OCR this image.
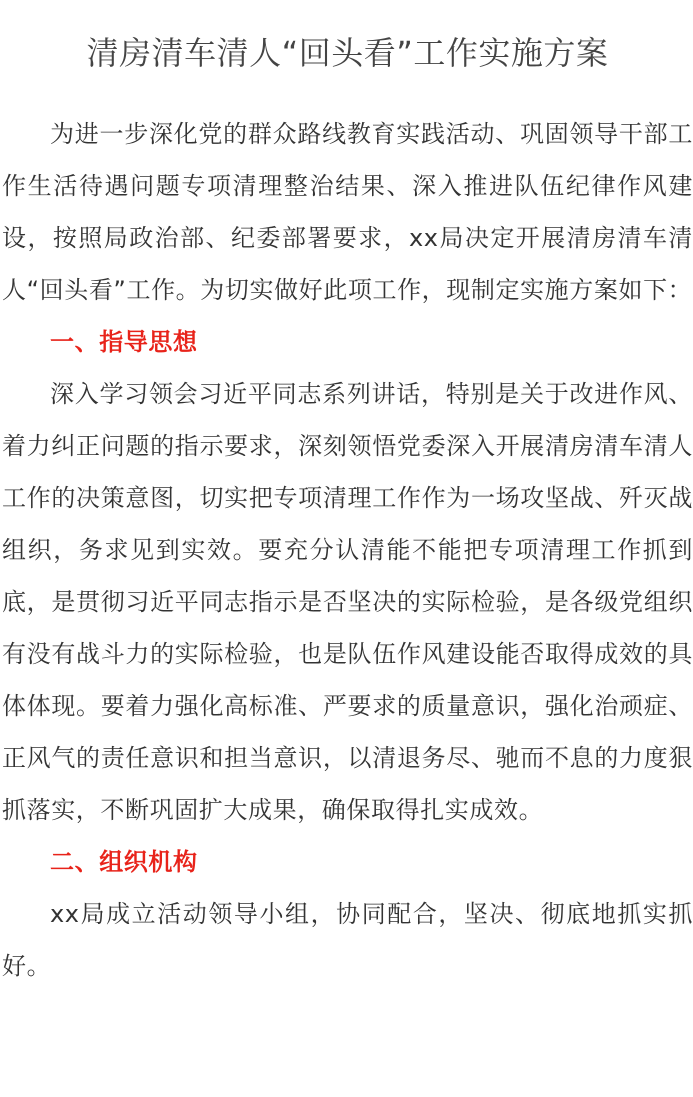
清房清车清人“回头看”工作实施方案

为进一步深化党的群众路线教育实践活动、巩固领导干部工作生活待遇问题专项清理整治结果、深入推进队伍纪律作风建设，按照局政治部、纪委部署要求，xx局决定开展清房清车清人“回头看”工作。为切实做好此项工作，现制定实施方案如下：

一、指导思想

深入学习领会习近平同志系列讲话，特别是关于改进作风、着力纠正问题的指示要求，深刻领悟党委深入开展清房清车清人工作的决策意图，切实把专项清理工作作为一场攻坚战、歼灭战组织，务求见到实效。要充分认清能不能把专项清理工作抓到底，是贯彻习近平同志指示是否坚决的实际检验，是各级党组织有没有战斗力的实际检验，也是队伍作风建设能否取得成效的具体体现。要着力强化高标准、严要求的质量意识，强化治顽症、正风气的责任意识和担当意识，以清退务尽、驰而不息的力度狠抓落实，不断巩固扩大成果，确保取得扎实成效。

二、组织机构

xx局成立活动领导小组，协同配合，坚决、彻底地抓实抓好。
